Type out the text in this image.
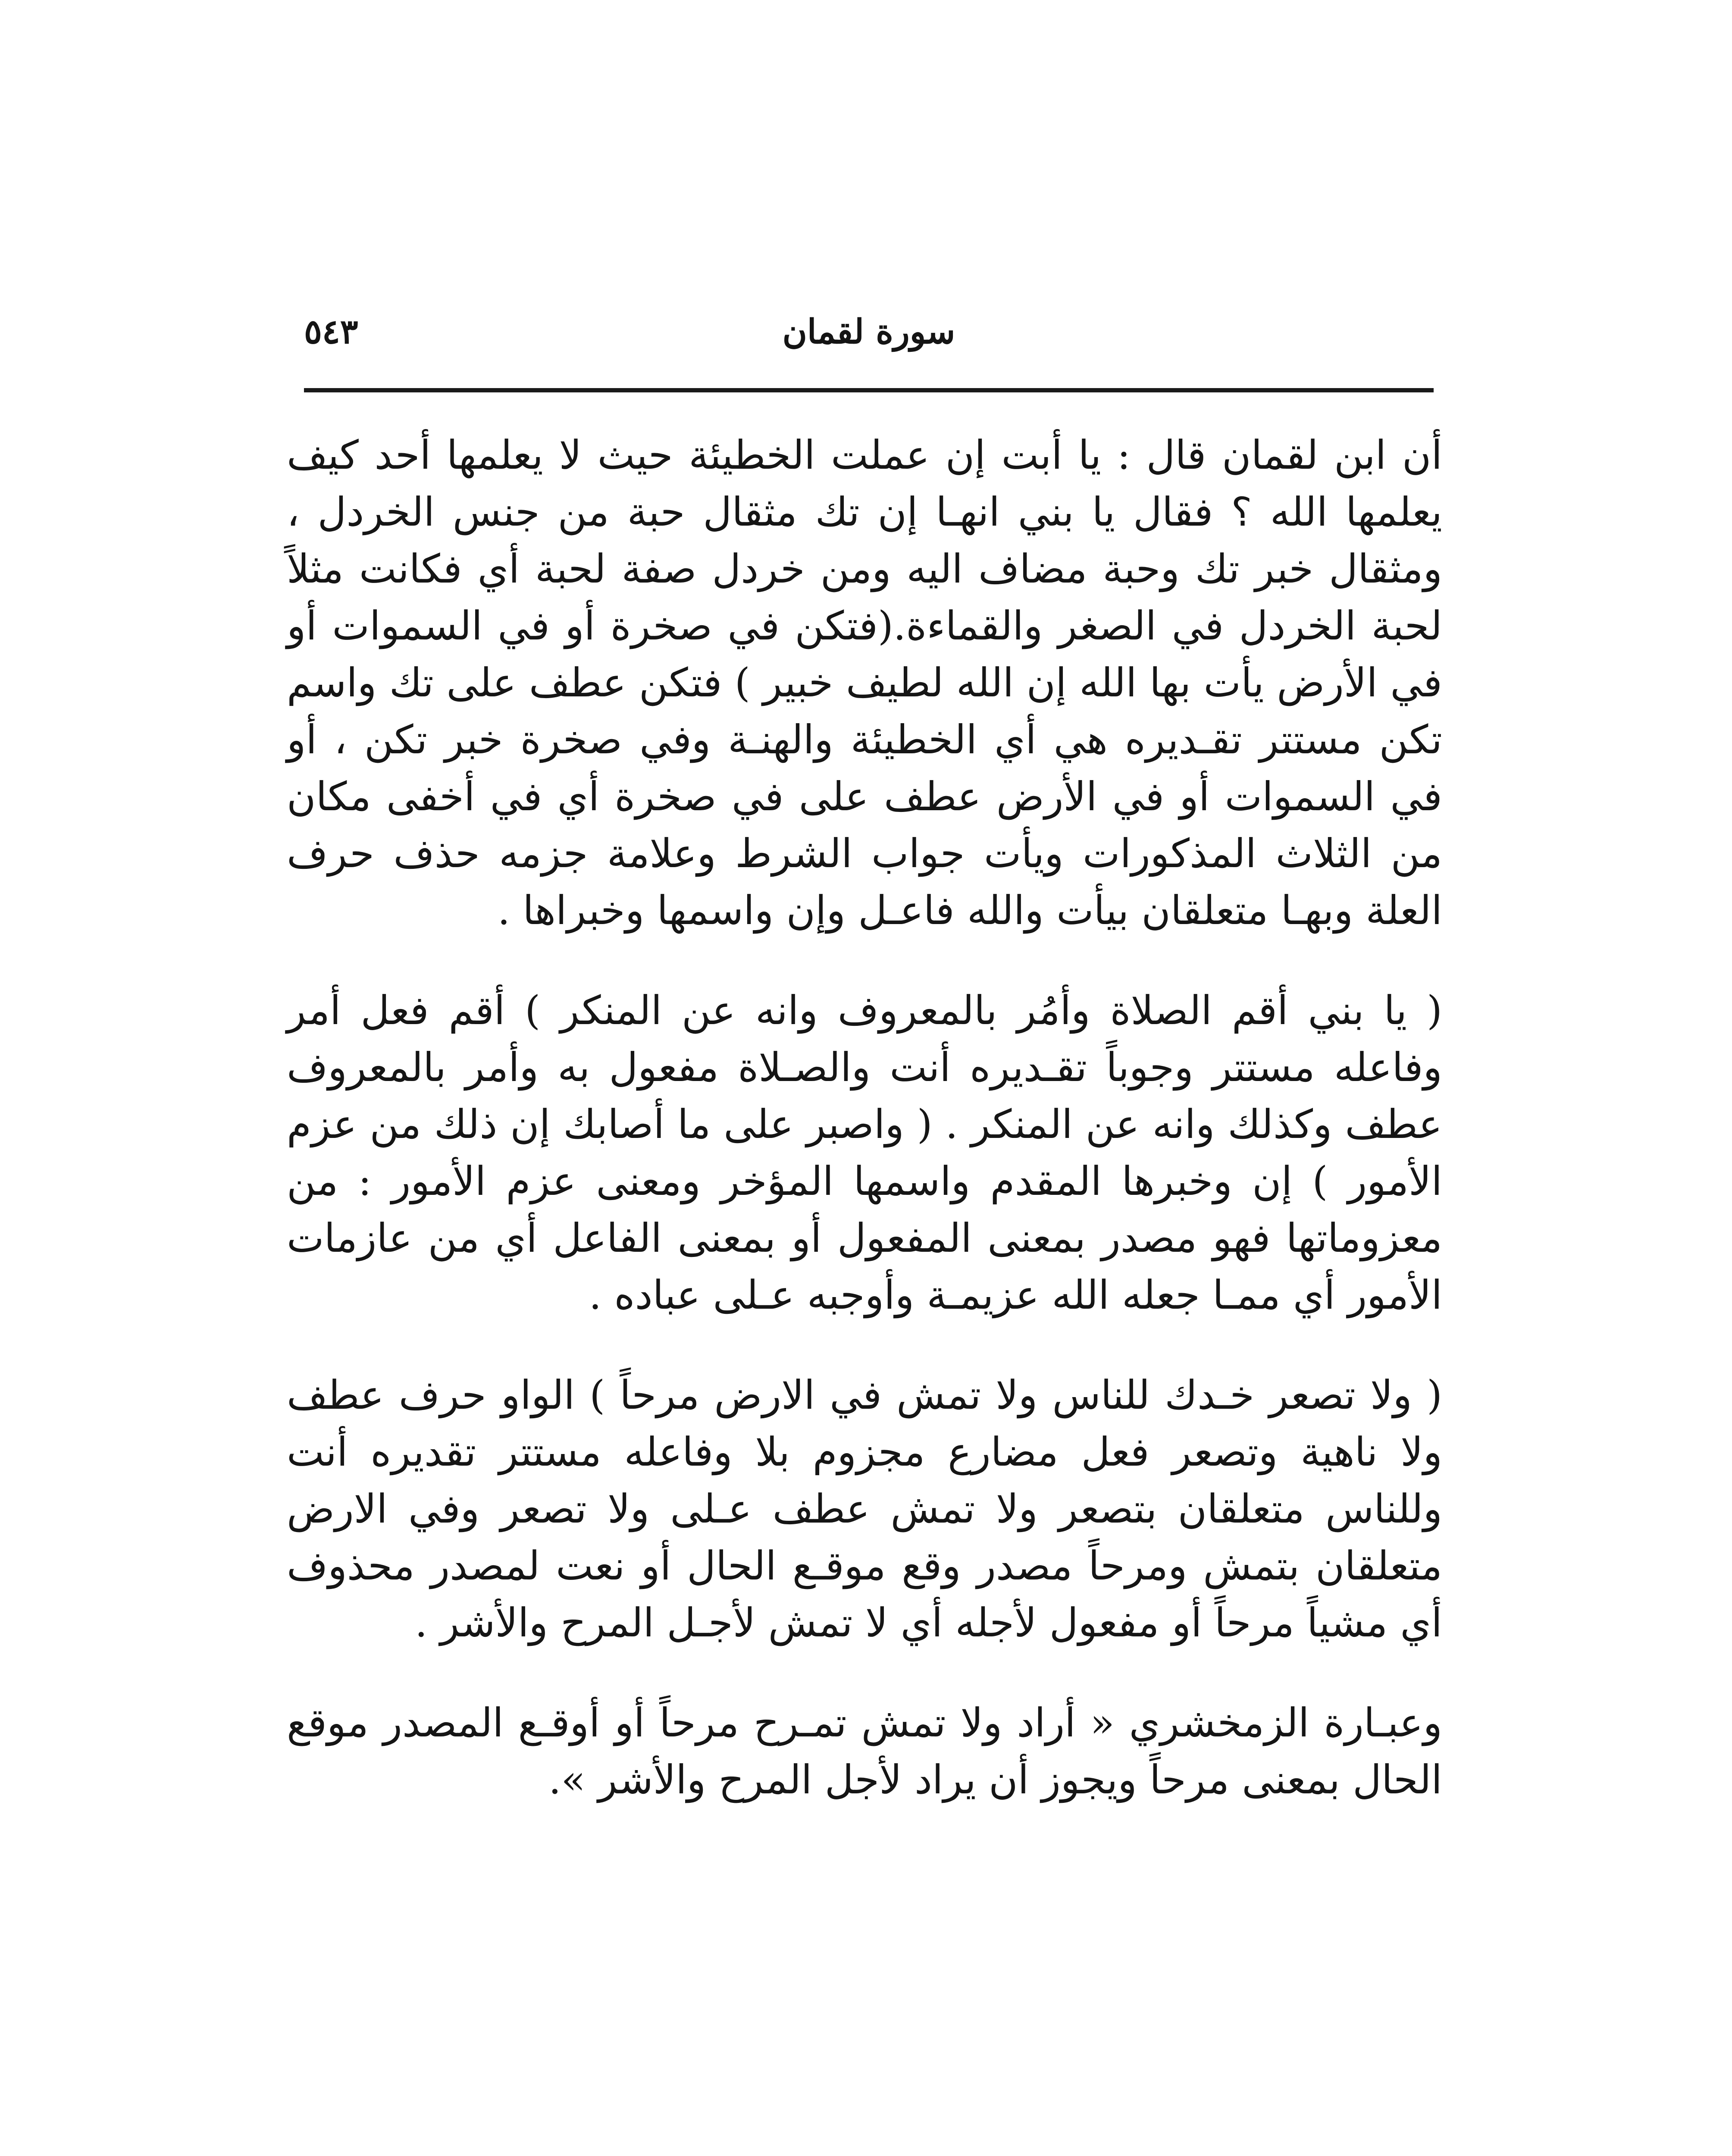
سورة لقمان
٥٤٣

أن ابن لقمان قال : يا أبت إن عملت الخطيئة حيث لا يعلمها أحد كيف يعلمها الله ؟ فقال يا بني انهـا إن تك مثقال حبة من جنس الخردل ، ومثقال خبر تك وحبة مضاف اليه ومن خردل صفة لحبة أي فكانت مثلاً لحبة الخردل في الصغر والقماءة.(فتكن في صخرة أو في السموات أو في الأرض يأت بها الله إن الله لطيف خبير ) فتكن عطف على تك واسم تكن مستتر تقـديره هي أي الخطيئة والهنـة وفي صخرة خبر تكن ، أو في السموات أو في الأرض عطف على في صخرة أي في أخفى مكان من الثلاث المذكورات ويأت جواب الشرط وعلامة جزمه حذف حرف العلة وبهـا متعلقان بيأت والله فاعـل وإن واسمها وخبراها .

( يا بني أقم الصلاة وأمُر بالمعروف وانه عن المنكر ) أقم فعل أمر وفاعله مستتر وجوباً تقـديره أنت والصـلاة مفعول به وأمر بالمعروف عطف وكذلك وانه عن المنكر . ( واصبر على ما أصابك إن ذلك من عزم الأمور ) إن وخبرها المقدم واسمها المؤخر ومعنى عزم الأمور : من معزوماتها فهو مصدر بمعنى المفعول أو بمعنى الفاعل أي من عازمات الأمور أي ممـا جعله الله عزيمـة وأوجبه عـلى عباده .

( ولا تصعر خـدك للناس ولا تمش في الارض مرحاً ) الواو حرف عطف ولا ناهية وتصعر فعل مضارع مجزوم بلا وفاعله مستتر تقديره أنت وللناس متعلقان بتصعر ولا تمش عطف عـلى ولا تصعر وفي الارض متعلقان بتمش ومرحاً مصدر وقع موقـع الحال أو نعت لمصدر محذوف أي مشياً مرحاً أو مفعول لأجله أي لا تمش لأجـل المرح والأشر .

وعبـارة الزمخشري « أراد ولا تمش تمـرح مرحاً أو أوقـع المصدر موقع الحال بمعنى مرحاً ويجوز أن يراد لأجل المرح والأشر ».
